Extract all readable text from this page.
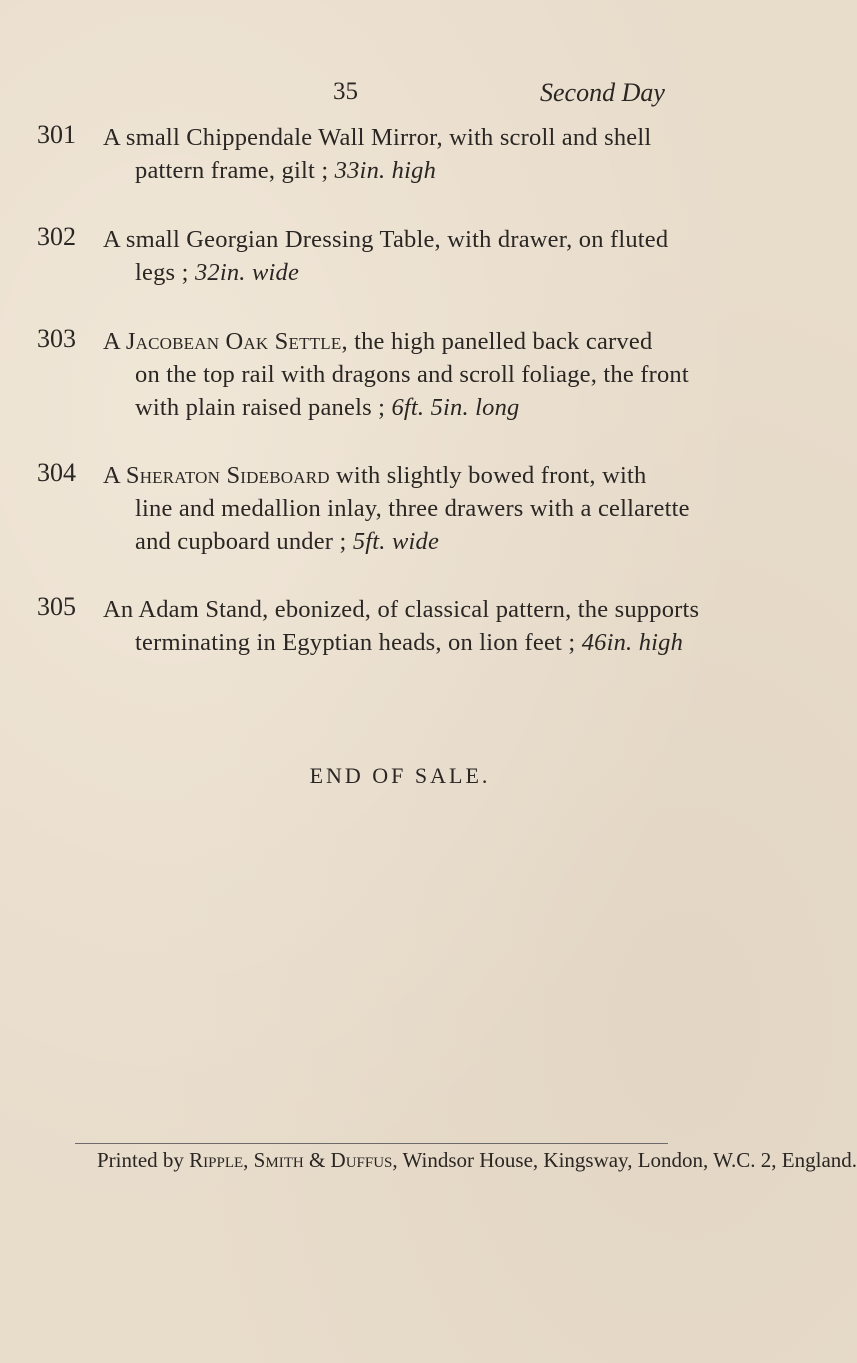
35	Second Day
301 A small Chippendale Wall Mirror, with scroll and shell
pattern frame, gilt ; 33in. high
302 A small Georgian Dressing Table, with drawer, on fluted
legs ; 32in. wide
303 A Jacobean Oak Settle, the high panelled back carved
on the top rail with dragons and scroll foliage, the front
with plain raised panels ; 6ft. 5in. long
304 A Sheraton Sideboard with slightly bowed front, with
line and medallion inlay, three drawers with a cellarette
and cupboard under ; 5ft. wide
305 An Adam Stand, ebonized, of classical pattern, the supports
terminating in Egyptian heads, on lion feet ; 46in. high
END OF SALE.
Printed by Ripple, Smith & Duffus, Windsor House, Kingsway, London, W.C. 2, England.
